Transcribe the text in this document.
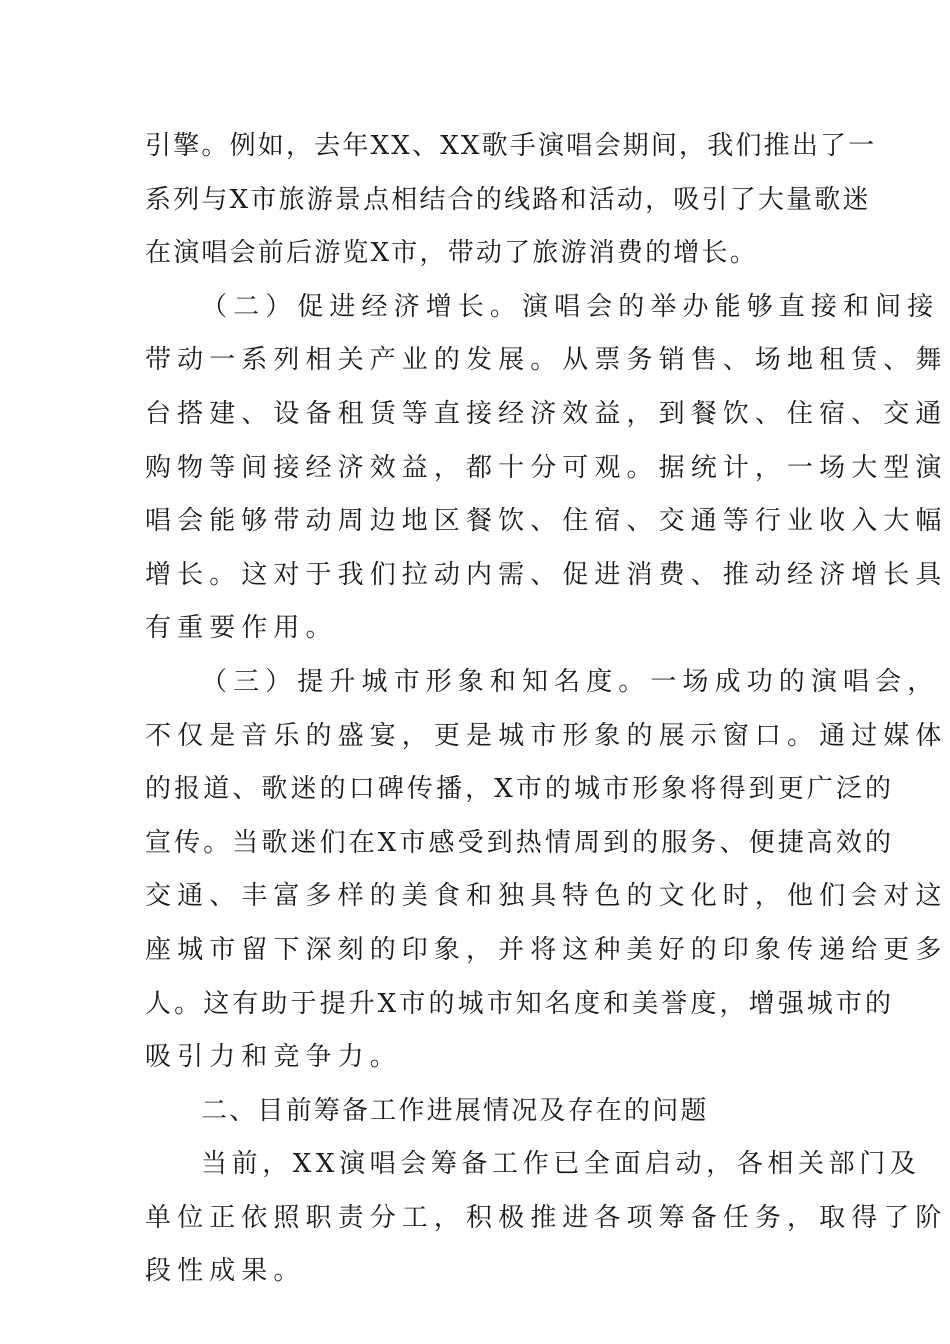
引擎。例如，去年XX、XX歌手演唱会期间，我们推出了一
系列与X市旅游景点相结合的线路和活动，吸引了大量歌迷
在演唱会前后游览X市，带动了旅游消费的增长。
（二）促进经济增长。演唱会的举办能够直接和间接
带动一系列相关产业的发展。从票务销售、场地租赁、舞
台搭建、设备租赁等直接经济效益，到餐饮、住宿、交通
购物等间接经济效益，都十分可观。据统计，一场大型演
唱会能够带动周边地区餐饮、住宿、交通等行业收入大幅
增长。这对于我们拉动内需、促进消费、推动经济增长具
有重要作用。
（三）提升城市形象和知名度。一场成功的演唱会，
不仅是音乐的盛宴，更是城市形象的展示窗口。通过媒体
的报道、歌迷的口碑传播，X市的城市形象将得到更广泛的
宣传。当歌迷们在X市感受到热情周到的服务、便捷高效的
交通、丰富多样的美食和独具特色的文化时，他们会对这
座城市留下深刻的印象，并将这种美好的印象传递给更多
人。这有助于提升X市的城市知名度和美誉度，增强城市的
吸引力和竞争力。
二、目前筹备工作进展情况及存在的问题
当前，XX演唱会筹备工作已全面启动，各相关部门及
单位正依照职责分工，积极推进各项筹备任务，取得了阶
段性成果。
